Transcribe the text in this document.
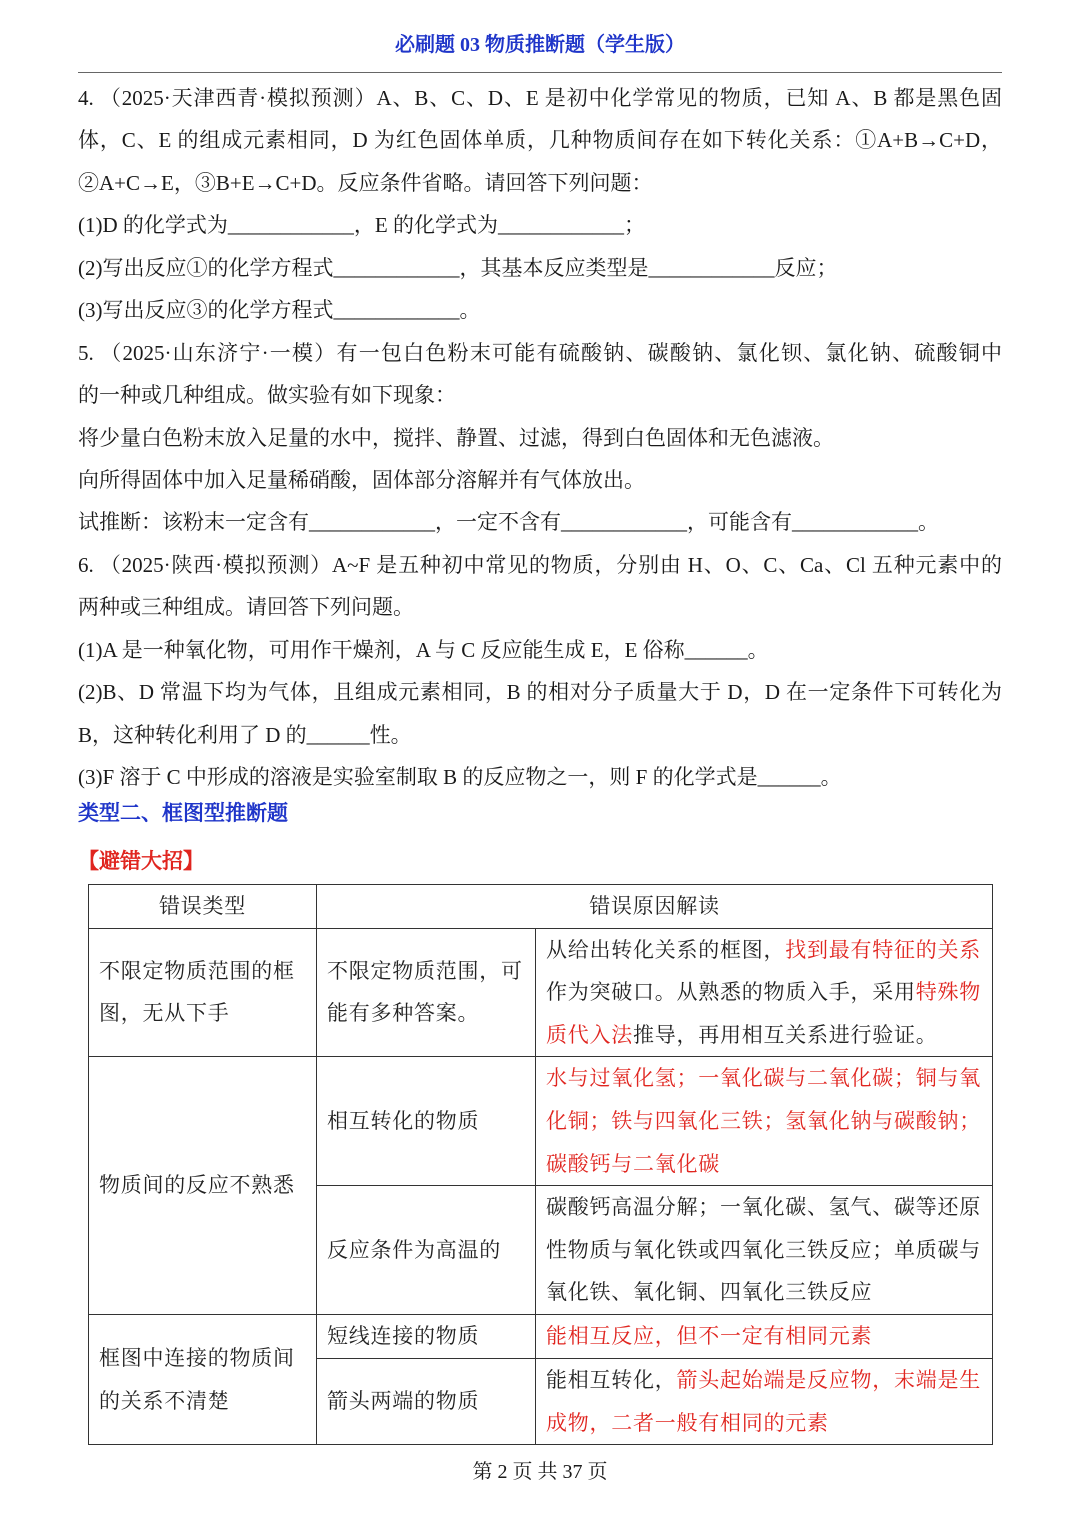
必刷题 03 物质推断题（学生版）
4. （2025·天津西青·模拟预测）A、B、C、D、E 是初中化学常见的物质，已知 A、B 都是黑色固
体，C、E 的组成元素相同，D 为红色固体单质，几种物质间存在如下转化关系：①A+B→C+D，
②A+C→E，③B+E→C+D。反应条件省略。请回答下列问题：
(1)D 的化学式为____________，E 的化学式为____________；
(2)写出反应①的化学方程式____________，其基本反应类型是____________反应；
(3)写出反应③的化学方程式____________。
5. （2025·山东济宁·一模）有一包白色粉末可能有硫酸钠、碳酸钠、氯化钡、氯化钠、硫酸铜中
的一种或几种组成。做实验有如下现象：
将少量白色粉末放入足量的水中，搅拌、静置、过滤，得到白色固体和无色滤液。
向所得固体中加入足量稀硝酸，固体部分溶解并有气体放出。
试推断：该粉末一定含有____________，一定不含有____________，可能含有____________。
6. （2025·陕西·模拟预测）A~F 是五种初中常见的物质，分别由 H、O、C、Ca、Cl 五种元素中的
两种或三种组成。请回答下列问题。
(1)A 是一种氧化物，可用作干燥剂，A 与 C 反应能生成 E，E 俗称______。
(2)B、D 常温下均为气体，且组成元素相同，B 的相对分子质量大于 D，D 在一定条件下可转化为
B，这种转化利用了 D 的______性。
(3)F 溶于 C 中形成的溶液是实验室制取 B 的反应物之一，则 F 的化学式是______。
类型二、框图型推断题
【避错大招】
错误类型	错误原因解读	
不限定物质范围的框图，无从下手	不限定物质范围，可能有多种答案。	从给出转化关系的框图，找到最有特征的关系作为突破口。从熟悉的物质入手，采用特殊物质代入法推导，再用相互关系进行验证。
物质间的反应不熟悉	相互转化的物质	水与过氧化氢；一氧化碳与二氧化碳；铜与氧化铜；铁与四氧化三铁；氢氧化钠与碳酸钠；碳酸钙与二氧化碳
	反应条件为高温的	碳酸钙高温分解；一氧化碳、氢气、碳等还原性物质与氧化铁或四氧化三铁反应；单质碳与氧化铁、氧化铜、四氧化三铁反应
框图中连接的物质间的关系不清楚	短线连接的物质	能相互反应，但不一定有相同元素
	箭头两端的物质	能相互转化，箭头起始端是反应物，末端是生成物，二者一般有相同的元素
第 2 页 共 37 页
